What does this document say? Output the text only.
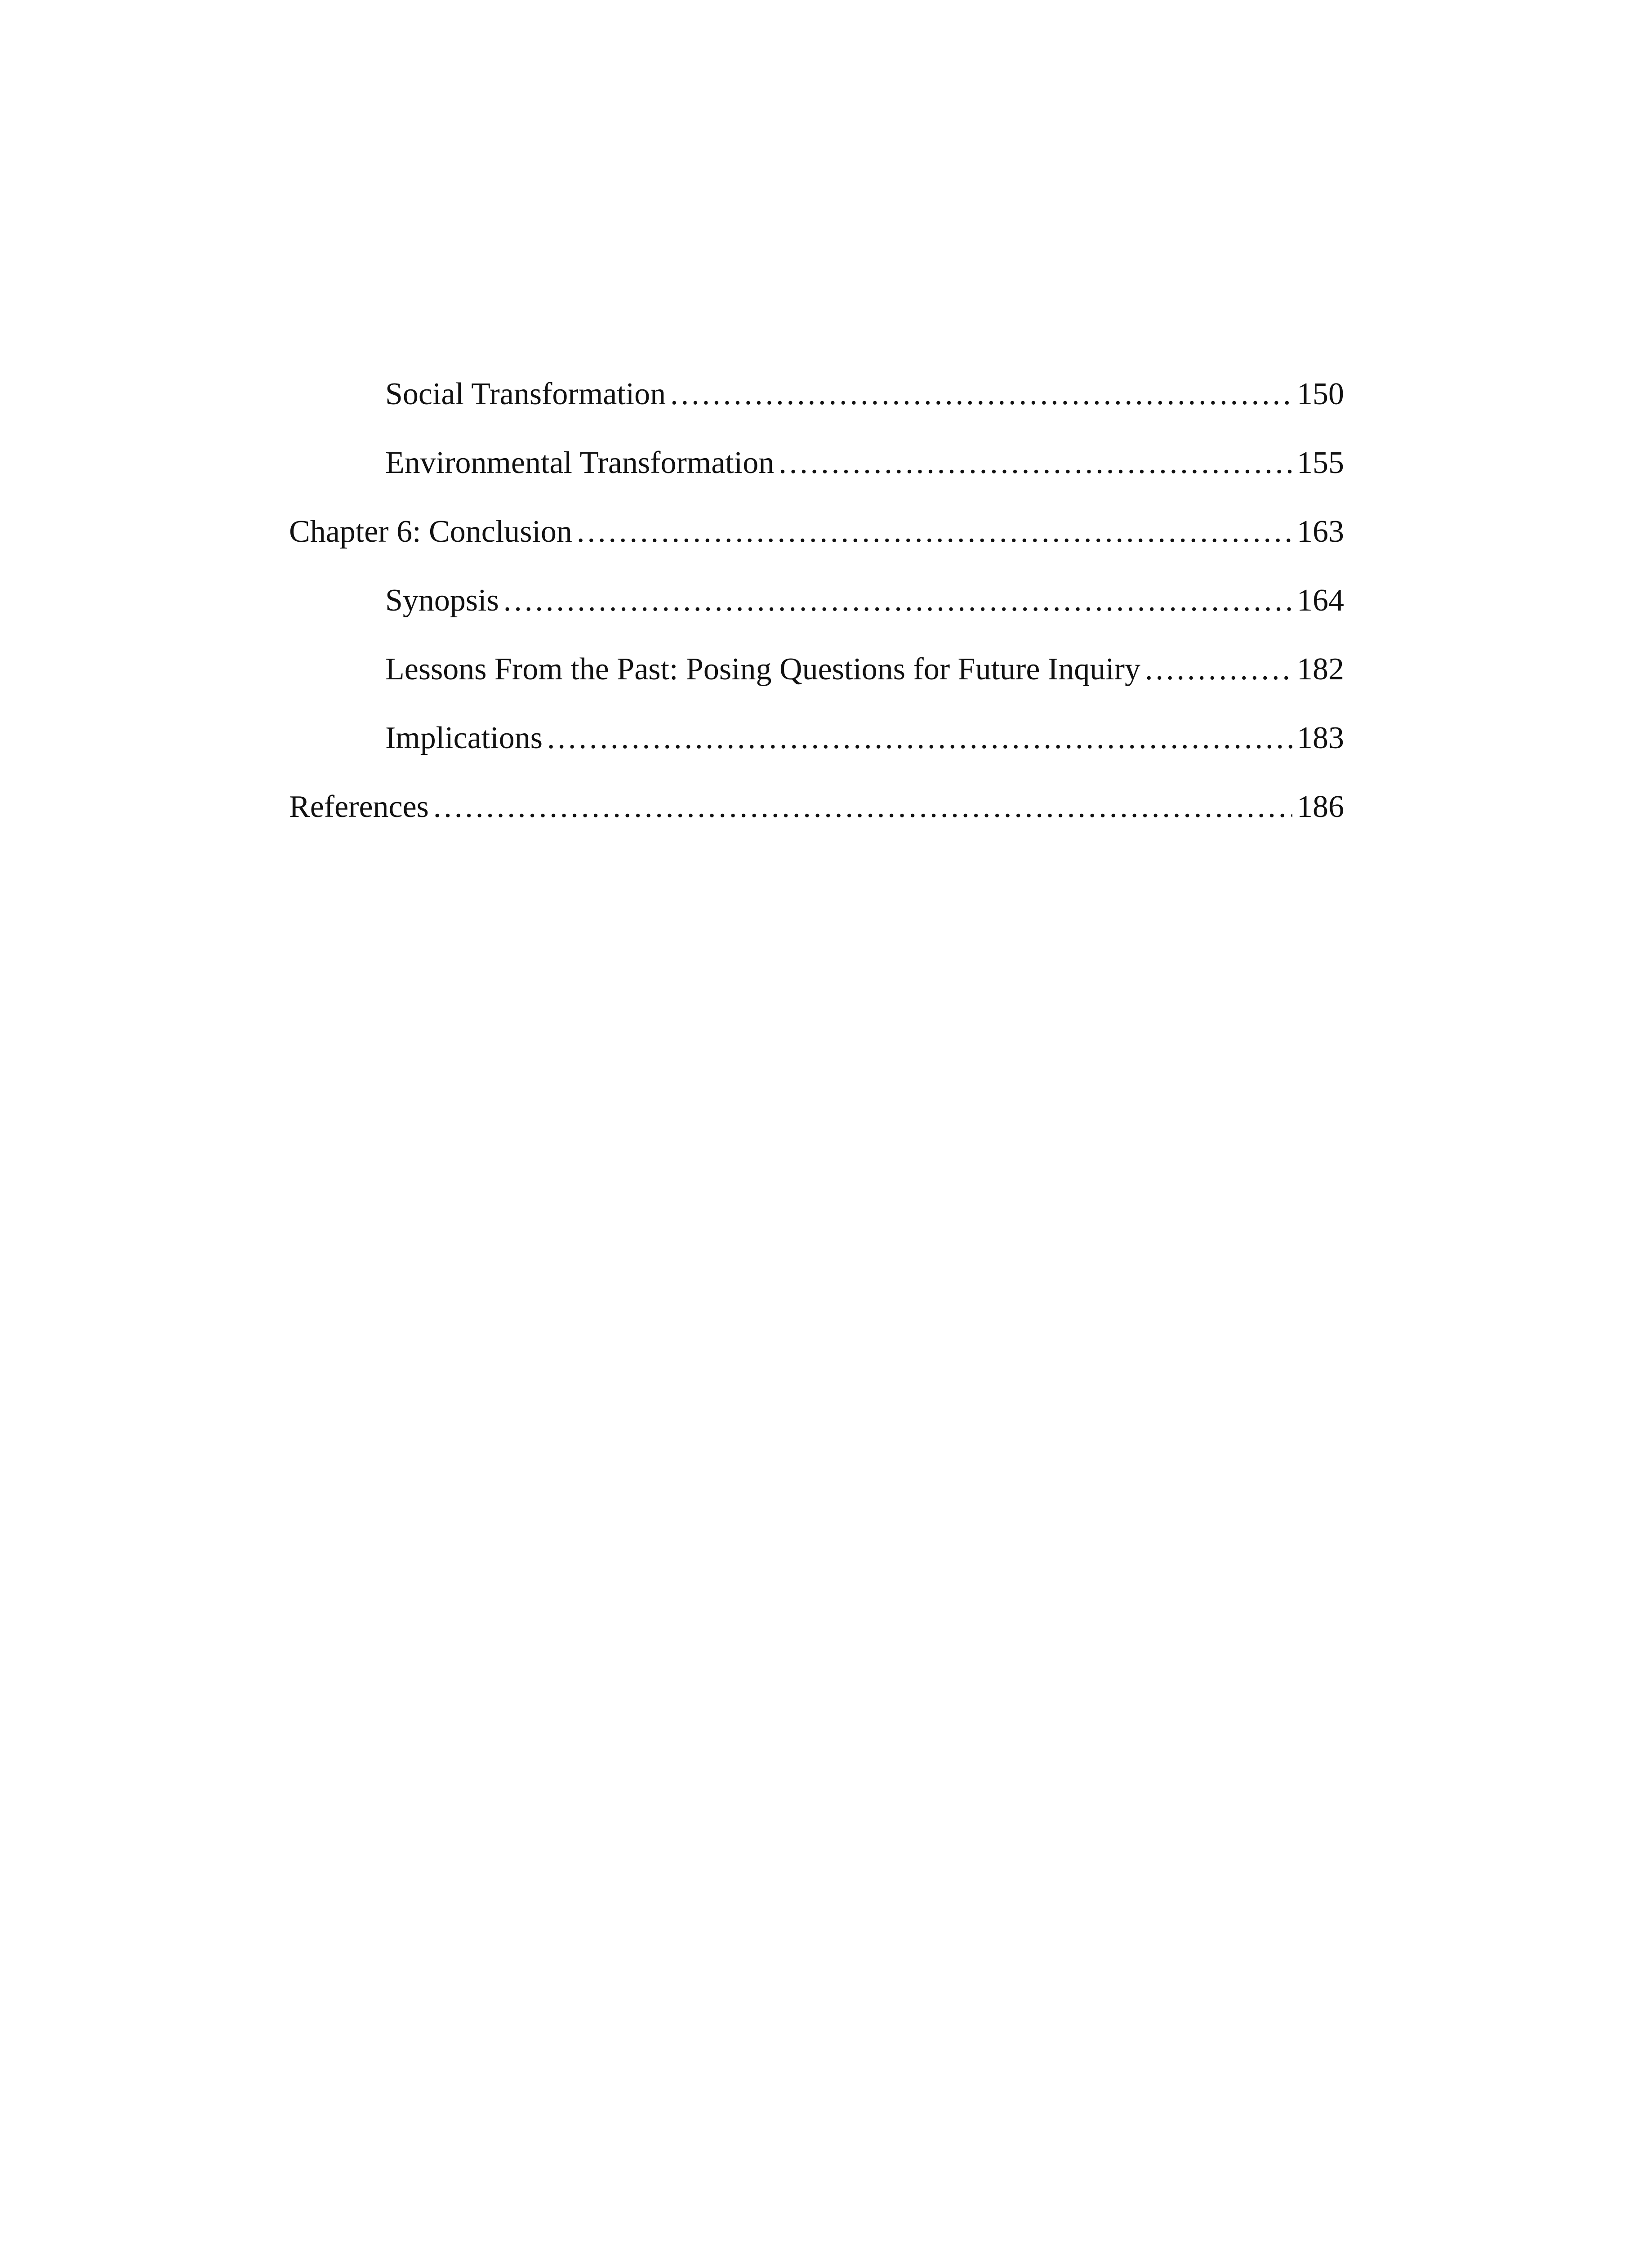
Social Transformation .....	150
Environmental Transformation .....	155
Chapter 6: Conclusion .....	163
Synopsis .....	164
Lessons From the Past: Posing Questions for Future Inquiry .....	182
Implications .....	183
References .....	186
